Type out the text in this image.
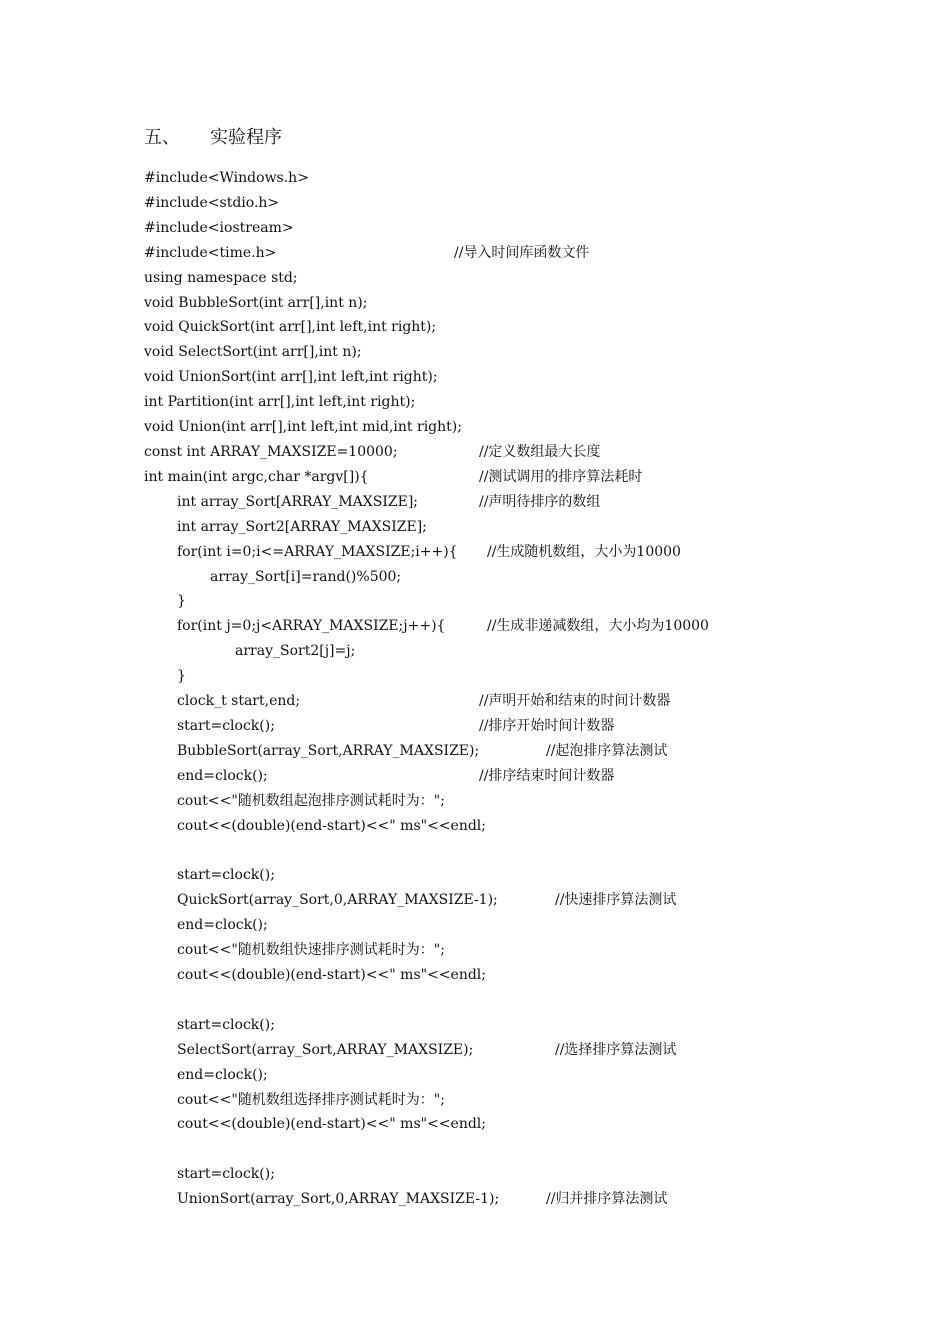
五、 实验程序
#include<Windows.h>
#include<stdio.h>
#include<iostream>
#include<time.h>	//导入时间库函数文件
using namespace std;
void BubbleSort(int arr[],int n);
void QuickSort(int arr[],int left,int right);
void SelectSort(int arr[],int n);
void UnionSort(int arr[],int left,int right);
int Partition(int arr[],int left,int right);
void Union(int arr[],int left,int mid,int right);
const int ARRAY_MAXSIZE=10000;	//定义数组最大长度
int main(int argc,char *argv[]){	//测试调用的排序算法耗时
int array_Sort[ARRAY_MAXSIZE];	//声明待排序的数组
int array_Sort2[ARRAY_MAXSIZE];
for(int i=0;i<=ARRAY_MAXSIZE;i++){ //生成随机数组，大小为10000
array_Sort[i]=rand()%500;
}
for(int j=0;j<ARRAY_MAXSIZE;j++){	//生成非递减数组，大小均为10000
array_Sort2[j]=j;
}
clock_t start,end;	//声明开始和结束的时间计数器
start=clock();	//排序开始时间计数器
BubbleSort(array_Sort,ARRAY_MAXSIZE);	//起泡排序算法测试
end=clock();	//排序结束时间计数器
cout<<"随机数组起泡排序测试耗时为：";
cout<<(double)(end-start)<<" ms"<<endl;
start=clock();
QuickSort(array_Sort,0,ARRAY_MAXSIZE-1);	//快速排序算法测试
end=clock();
cout<<"随机数组快速排序测试耗时为：";
cout<<(double)(end-start)<<" ms"<<endl;
start=clock();
SelectSort(array_Sort,ARRAY_MAXSIZE);	//选择排序算法测试
end=clock();
cout<<"随机数组选择排序测试耗时为：";
cout<<(double)(end-start)<<" ms"<<endl;
start=clock();
UnionSort(array_Sort,0,ARRAY_MAXSIZE-1);	//归并排序算法测试
